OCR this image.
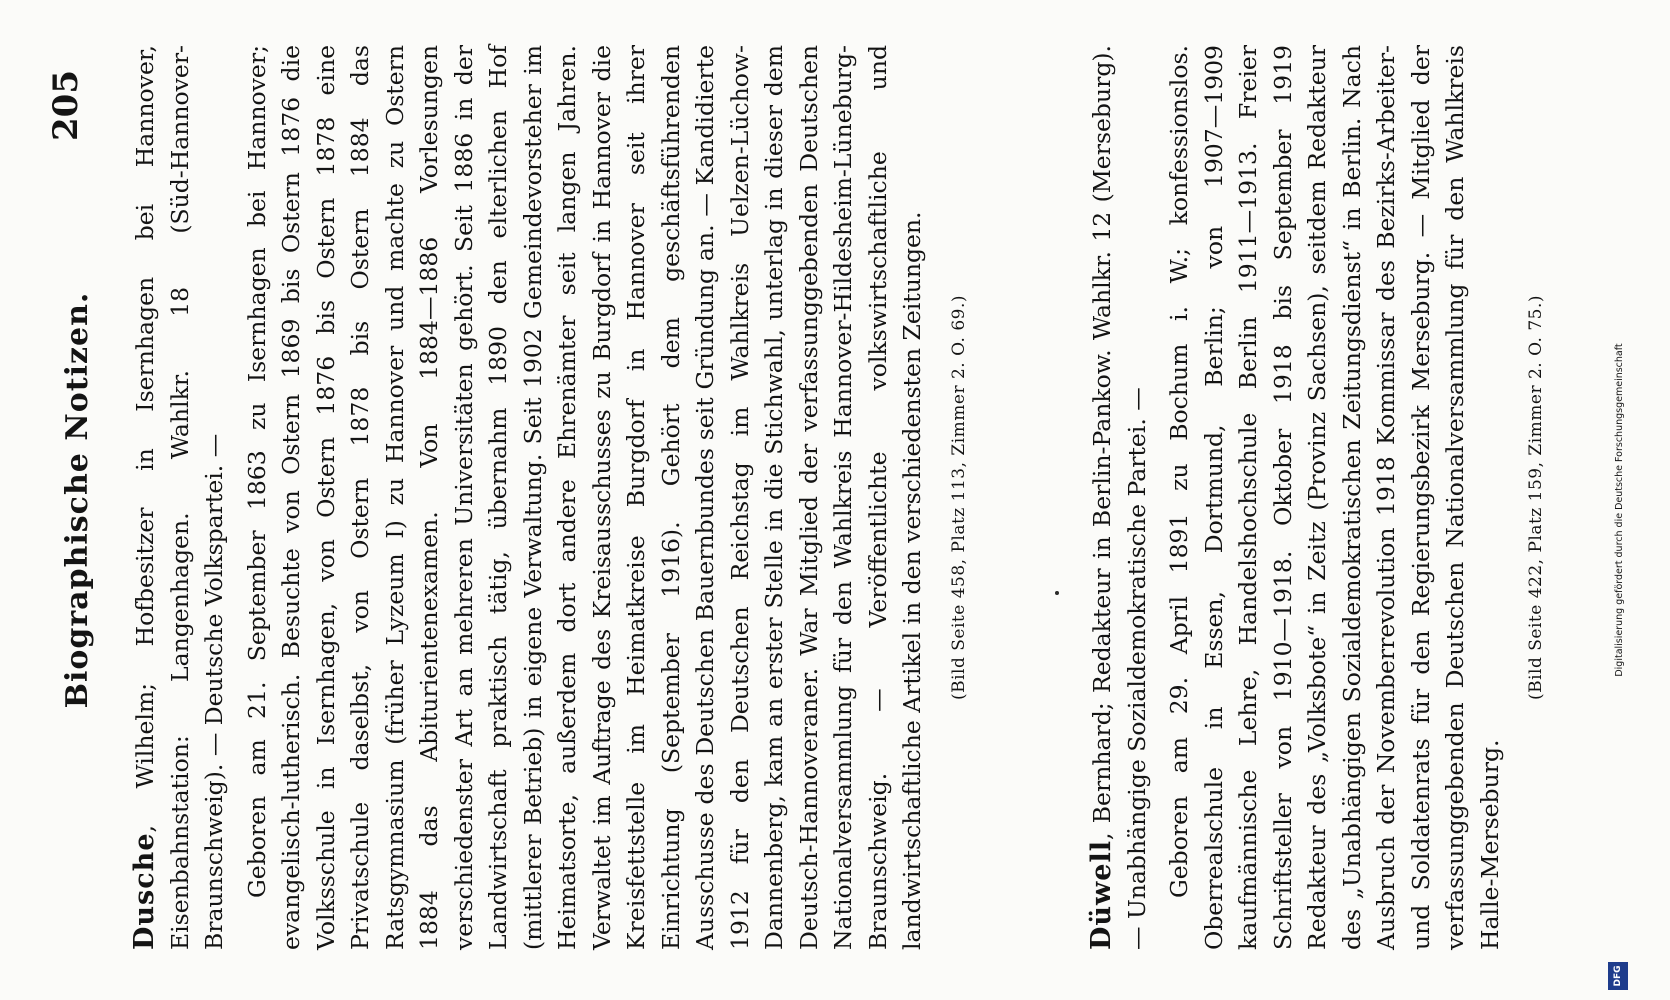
Biographische Notizen.
205

Dusche, Wilhelm; Hofbesitzer in Isernhagen bei Hannover, Eisenbahnstation: Langenhagen. Wahlkr. 18 (Süd-Hannover-Braunschweig). — Deutsche Volkspartei. — Geboren am 21. September 1863 zu Isernhagen bei Hannover; evangelisch-lutherisch. Besuchte von Ostern 1869 bis Ostern 1876 die Volksschule in Isernhagen, von Ostern 1876 bis Ostern 1878 eine Privatschule daselbst, von Ostern 1878 bis Ostern 1884 das Ratsgymnasium (früher Lyzeum I) zu Hannover und machte zu Ostern 1884 das Abiturientenexamen. Von 1884—1886 Vorlesungen verschiedenster Art an mehreren Universitäten gehört. Seit 1886 in der Landwirtschaft praktisch tätig, übernahm 1890 den elterlichen Hof (mittlerer Betrieb) in eigene Verwaltung. Seit 1902 Gemeindevorsteher im Heimatsorte, außerdem dort andere Ehrenämter seit langen Jahren. Verwaltet im Auftrage des Kreisausschusses zu Burgdorf in Hannover die Kreisfettstelle im Heimatkreise Burgdorf in Hannover seit ihrer Einrichtung (September 1916). Gehört dem geschäftsführenden Ausschusse des Deutschen Bauernbundes seit Gründung an. — Kandidierte 1912 für den Deutschen Reichstag im Wahlkreis Uelzen-Lüchow-Dannenberg, kam an erster Stelle in die Stichwahl, unterlag in dieser dem Deutsch-Hannoveraner. War Mitglied der verfassunggebenden Deutschen Nationalversammlung für den Wahlkreis Hannover-Hildesheim-Lüneburg-Braunschweig. — Veröffentlichte volkswirtschaftliche und landwirtschaftliche Artikel in den verschiedensten Zeitungen.	(Bild Seite 458, Platz 113, Zimmer 2. O. 69.)

Düwell, Bernhard; Redakteur in Berlin-Pankow. Wahlkr. 12 (Merseburg). — Unabhängige Sozialdemokratische Partei. — Geboren am 29. April 1891 zu Bochum i. W.; konfessionslos. Oberrealschule in Essen, Dortmund, Berlin; von 1907—1909 kaufmännische Lehre, Handelshochschule Berlin 1911—1913. Freier Schriftsteller von 1910—1918. Oktober 1918 bis September 1919 Redakteur des „Volksbote“ in Zeitz (Provinz Sachsen), seitdem Redakteur des „Unabhängigen Sozialdemokratischen Zeitungsdienst“ in Berlin. Nach Ausbruch der Novemberrevolution 1918 Kommissar des Bezirks-Arbeiter- und Soldatenrats für den Regierungsbezirk Merseburg. — Mitglied der verfassunggebenden Deutschen Nationalversammlung für den Wahlkreis Halle-Merseburg.

(Bild Seite 422, Platz 159, Zimmer 2. O. 75.)

DFG
Digitalisierung gefördert durch die Deutsche Forschungsgemeinschaft
